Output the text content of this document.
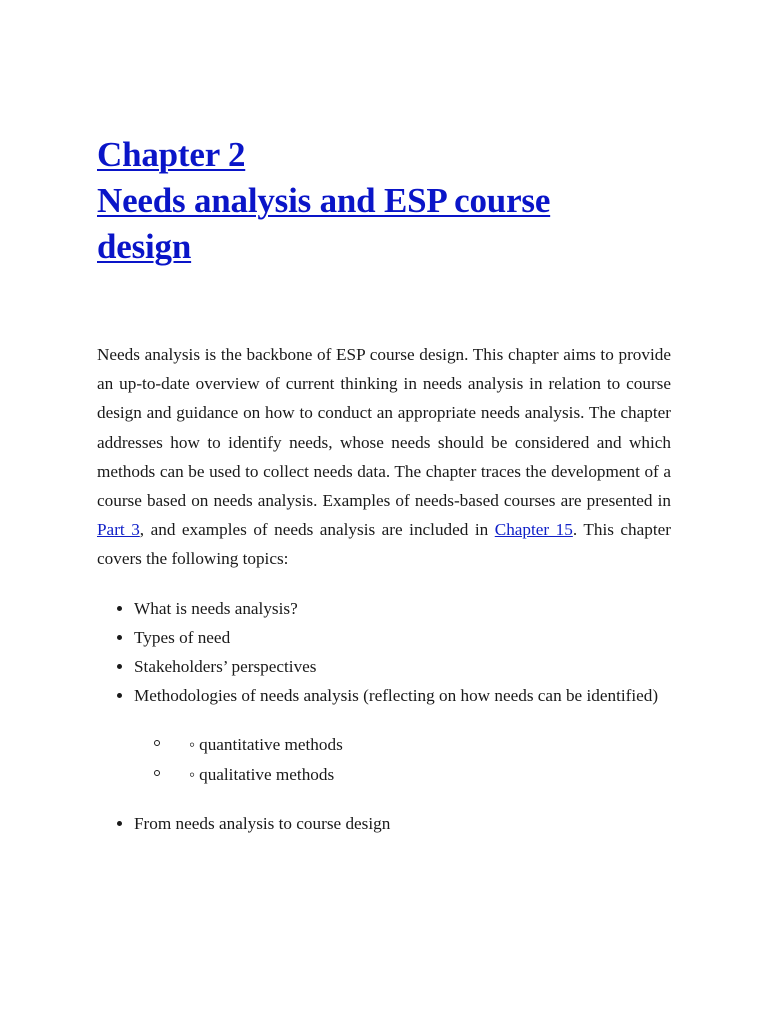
Chapter 2
Needs analysis and ESP course
design

Needs analysis is the backbone of ESP course design. This chapter aims to provide an up-to-date overview of current thinking in needs analysis in relation to course design and guidance on how to conduct an appropriate needs analysis. The chapter addresses how to identify needs, whose needs should be considered and which methods can be used to collect needs data. The chapter traces the development of a course based on needs analysis. Examples of needs-based courses are presented in Part 3, and examples of needs analysis are included in Chapter 15. This chapter covers the following topics:

What is needs analysis?
Types of need
Stakeholders’ perspectives
Methodologies of needs analysis (reflecting on how needs can be identified)
◦ quantitative methods
◦ qualitative methods
From needs analysis to course design
